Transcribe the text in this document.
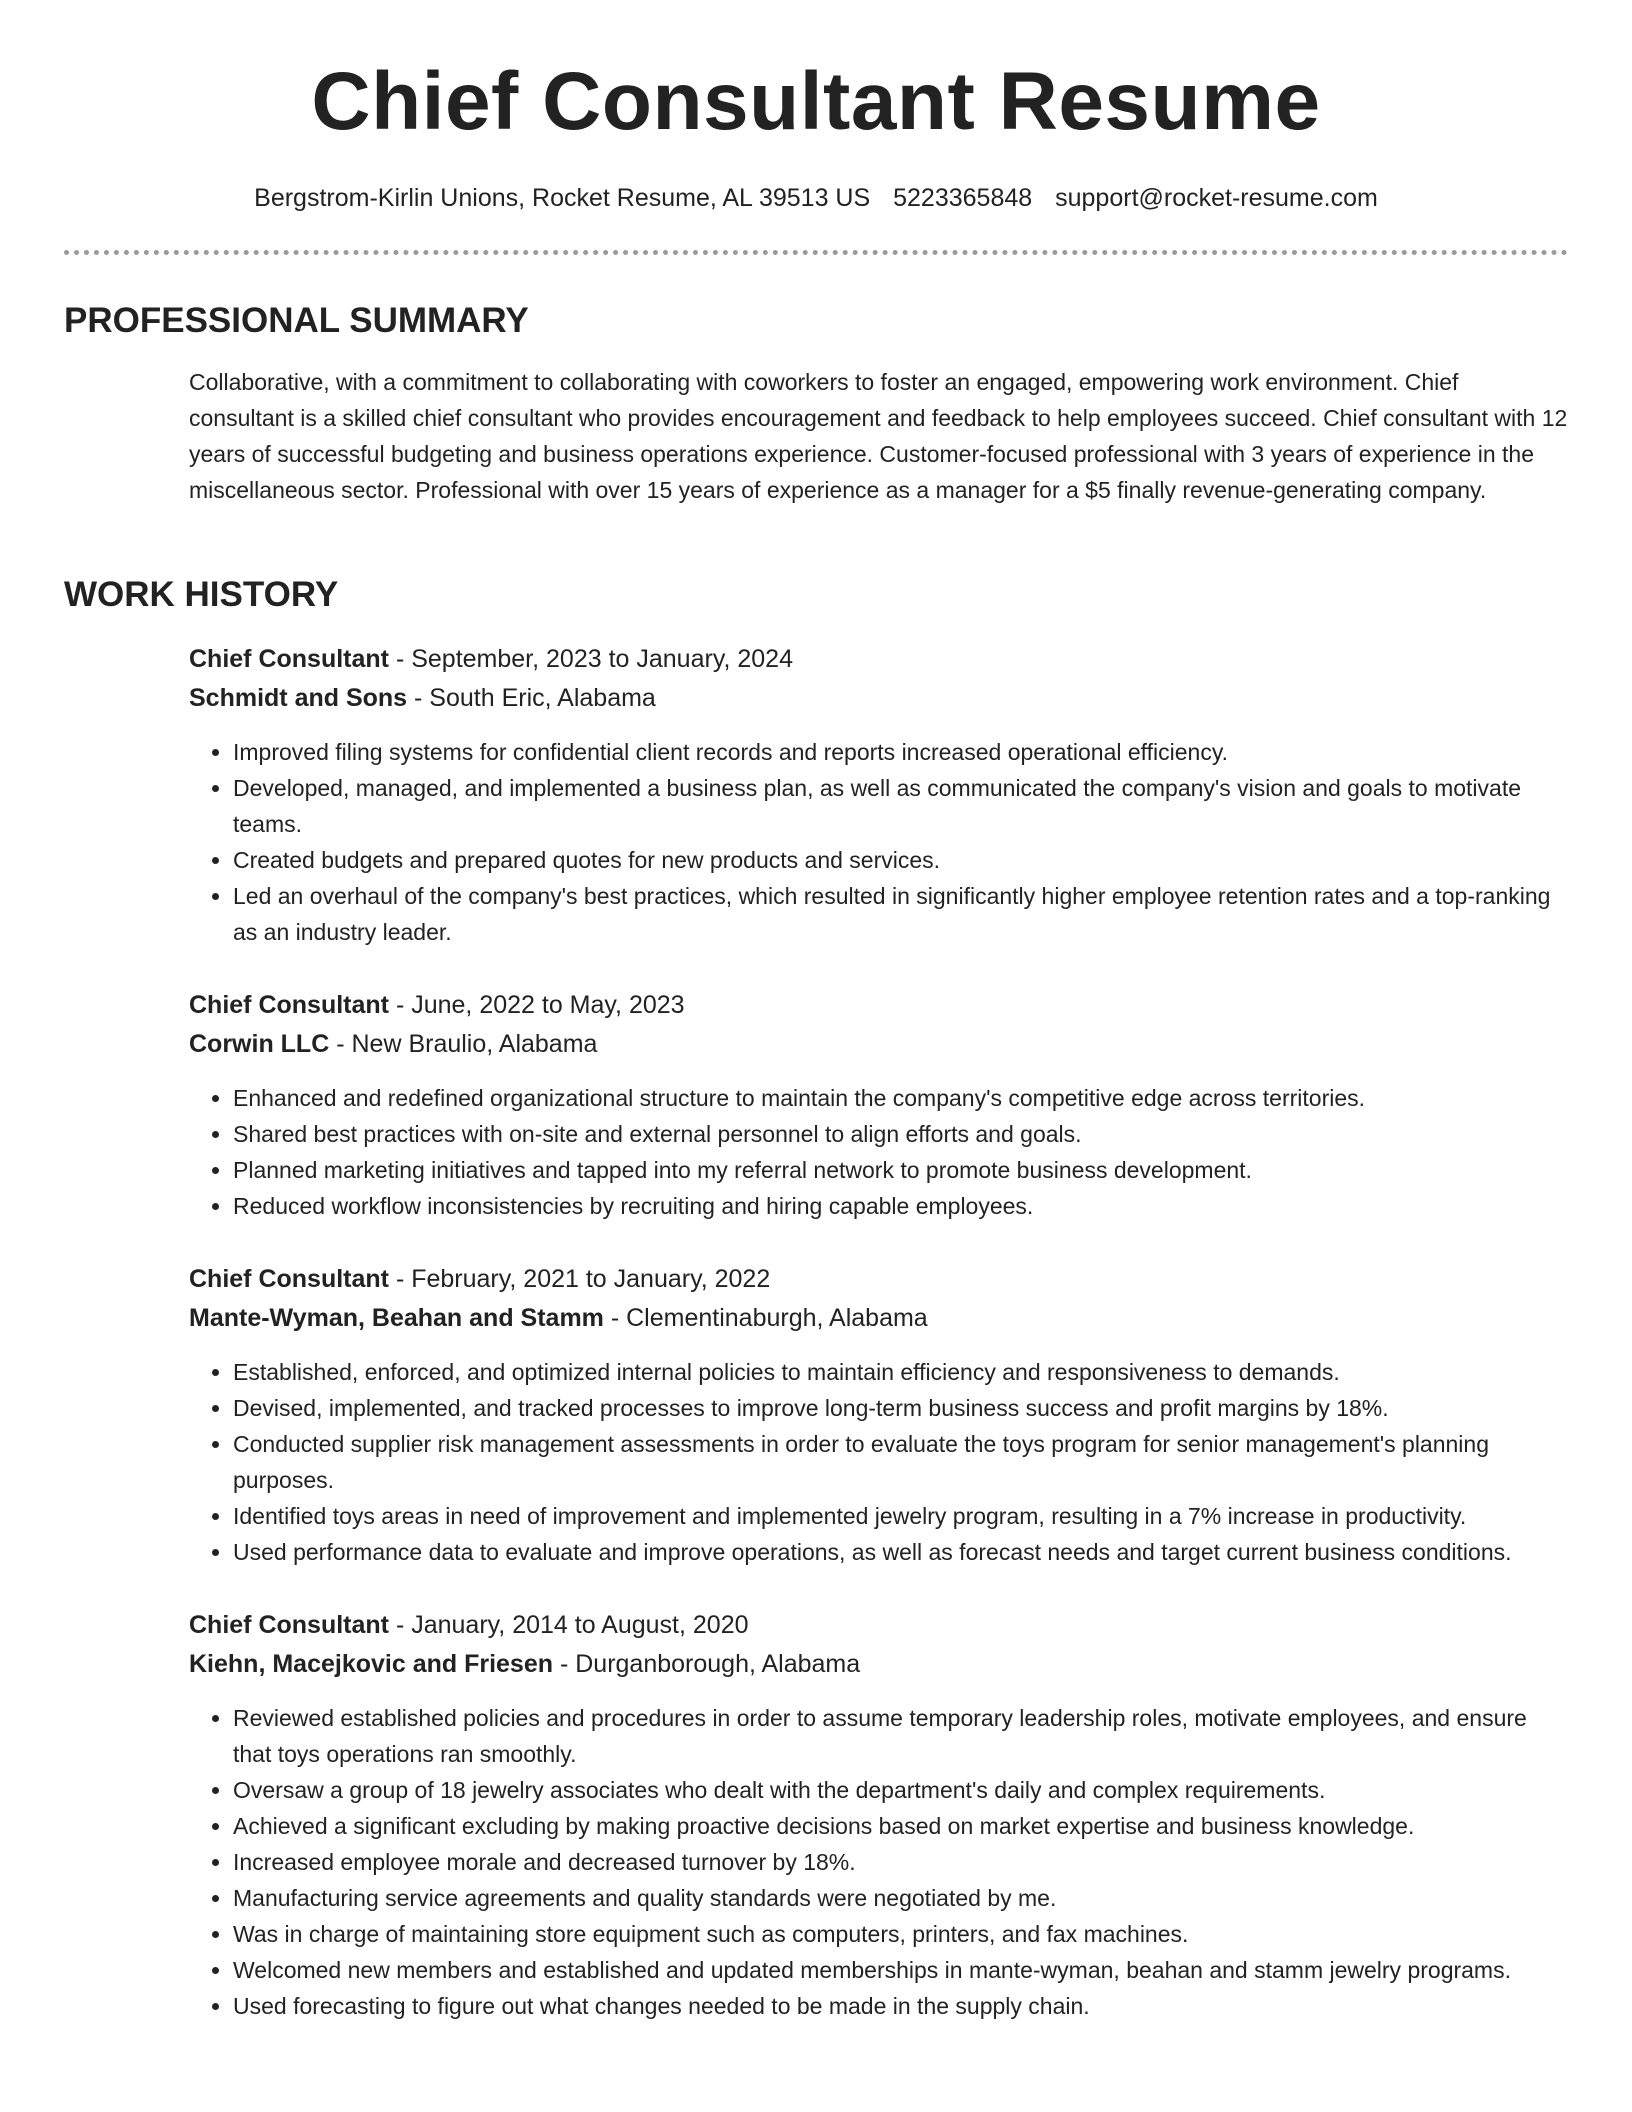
Chief Consultant Resume
Bergstrom-Kirlin Unions, Rocket Resume, AL 39513 US 5223365848 support@rocket-resume.com
PROFESSIONAL SUMMARY

Collaborative, with a commitment to collaborating with coworkers to foster an engaged, empowering work environment. Chief consultant is a skilled chief consultant who provides encouragement and feedback to help employees succeed. Chief consultant with 12 years of successful budgeting and business operations experience. Customer-focused professional with 3 years of experience in the miscellaneous sector. Professional with over 15 years of experience as a manager for a $5 finally revenue-generating company.

WORK HISTORY

Chief Consultant - September, 2023 to January, 2024

Schmidt and Sons - South Eric, Alabama

• Improved filing systems for confidential client records and reports increased operational efficiency.
• Developed, managed, and implemented a business plan, as well as communicated the company's vision and goals to motivate teams.
• Created budgets and prepared quotes for new products and services.
• Led an overhaul of the company's best practices, which resulted in significantly higher employee retention rates and a top-ranking as an industry leader.

Chief Consultant - June, 2022 to May, 2023

Corwin LLC - New Braulio, Alabama

• Enhanced and redefined organizational structure to maintain the company's competitive edge across territories.
• Shared best practices with on-site and external personnel to align efforts and goals.
• Planned marketing initiatives and tapped into my referral network to promote business development.
• Reduced workflow inconsistencies by recruiting and hiring capable employees.

Chief Consultant - February, 2021 to January, 2022

Mante-Wyman, Beahan and Stamm - Clementinaburgh, Alabama

• Established, enforced, and optimized internal policies to maintain efficiency and responsiveness to demands.
• Devised, implemented, and tracked processes to improve long-term business success and profit margins by 18%.
• Conducted supplier risk management assessments in order to evaluate the toys program for senior management's planning purposes.
• Identified toys areas in need of improvement and implemented jewelry program, resulting in a 7% increase in productivity.
• Used performance data to evaluate and improve operations, as well as forecast needs and target current business conditions.

Chief Consultant - January, 2014 to August, 2020

Kiehn, Macejkovic and Friesen - Durganborough, Alabama

• Reviewed established policies and procedures in order to assume temporary leadership roles, motivate employees, and ensure that toys operations ran smoothly.
• Oversaw a group of 18 jewelry associates who dealt with the department's daily and complex requirements.
• Achieved a significant excluding by making proactive decisions based on market expertise and business knowledge.
• Increased employee morale and decreased turnover by 18%.
• Manufacturing service agreements and quality standards were negotiated by me.
• Was in charge of maintaining store equipment such as computers, printers, and fax machines.
• Welcomed new members and established and updated memberships in mante-wyman, beahan and stamm jewelry programs.
• Used forecasting to figure out what changes needed to be made in the supply chain.
